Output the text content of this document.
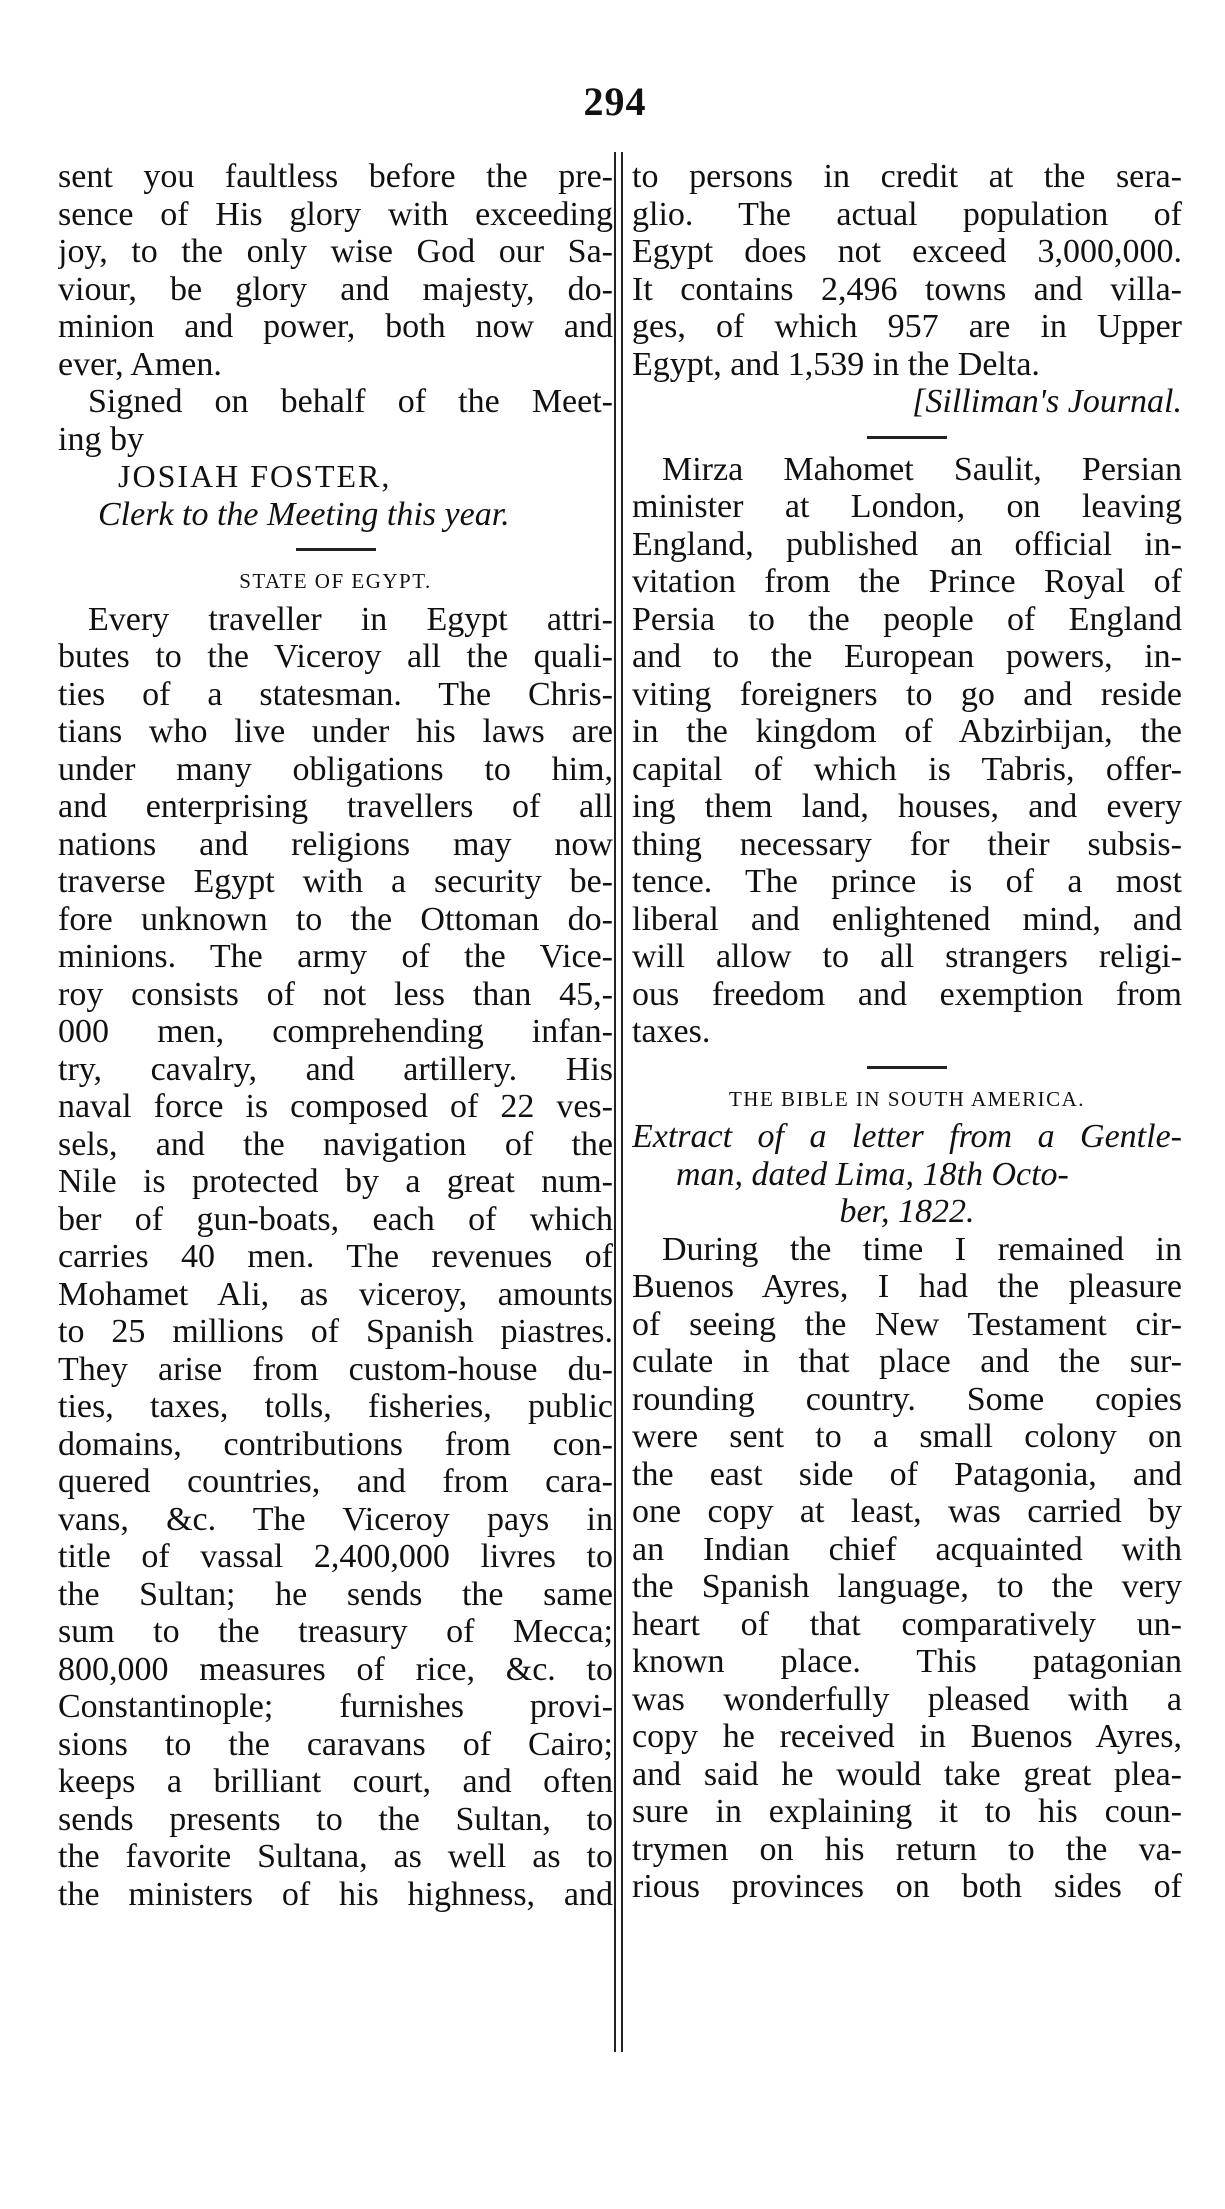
294
sent you faultless before the pre-
sence of His glory with exceeding
joy, to the only wise God our Sa-
viour, be glory and majesty, do-
minion and power, both now and
ever, Amen.
Signed on behalf of the Meet-
ing by
JOSIAH FOSTER,
Clerk to the Meeting this year.
STATE OF EGYPT.
Every traveller in Egypt attri-
butes to the Viceroy all the quali-
ties of a statesman. The Chris-
tians who live under his laws are
under many obligations to him,
and enterprising travellers of all
nations and religions may now
traverse Egypt with a security be-
fore unknown to the Ottoman do-
minions. The army of the Vice-
roy consists of not less than 45,-
000 men, comprehending infan-
try, cavalry, and artillery. His
naval force is composed of 22 ves-
sels, and the navigation of the
Nile is protected by a great num-
ber of gun-boats, each of which
carries 40 men. The revenues of
Mohamet Ali, as viceroy, amounts
to 25 millions of Spanish piastres.
They arise from custom-house du-
ties, taxes, tolls, fisheries, public
domains, contributions from con-
quered countries, and from cara-
vans, &c. The Viceroy pays in
title of vassal 2,400,000 livres to
the Sultan; he sends the same
sum to the treasury of Mecca;
800,000 measures of rice, &c. to
Constantinople; furnishes provi-
sions to the caravans of Cairo;
keeps a brilliant court, and often
sends presents to the Sultan, to
the favorite Sultana, as well as to
the ministers of his highness, and
to persons in credit at the sera-
glio. The actual population of
Egypt does not exceed 3,000,000.
It contains 2,496 towns and villa-
ges, of which 957 are in Upper
Egypt, and 1,539 in the Delta.
[Silliman's Journal.
Mirza Mahomet Saulit, Persian
minister at London, on leaving
England, published an official in-
vitation from the Prince Royal of
Persia to the people of England
and to the European powers, in-
viting foreigners to go and reside
in the kingdom of Abzirbijan, the
capital of which is Tabris, offer-
ing them land, houses, and every
thing necessary for their subsis-
tence. The prince is of a most
liberal and enlightened mind, and
will allow to all strangers religi-
ous freedom and exemption from
taxes.
THE BIBLE IN SOUTH AMERICA.
Extract of a letter from a Gentle-
man, dated Lima, 18th Octo-
ber, 1822.
During the time I remained in
Buenos Ayres, I had the pleasure
of seeing the New Testament cir-
culate in that place and the sur-
rounding country. Some copies
were sent to a small colony on
the east side of Patagonia, and
one copy at least, was carried by
an Indian chief acquainted with
the Spanish language, to the very
heart of that comparatively un-
known place. This patagonian
was wonderfully pleased with a
copy he received in Buenos Ayres,
and said he would take great plea-
sure in explaining it to his coun-
trymen on his return to the va-
rious provinces on both sides of
